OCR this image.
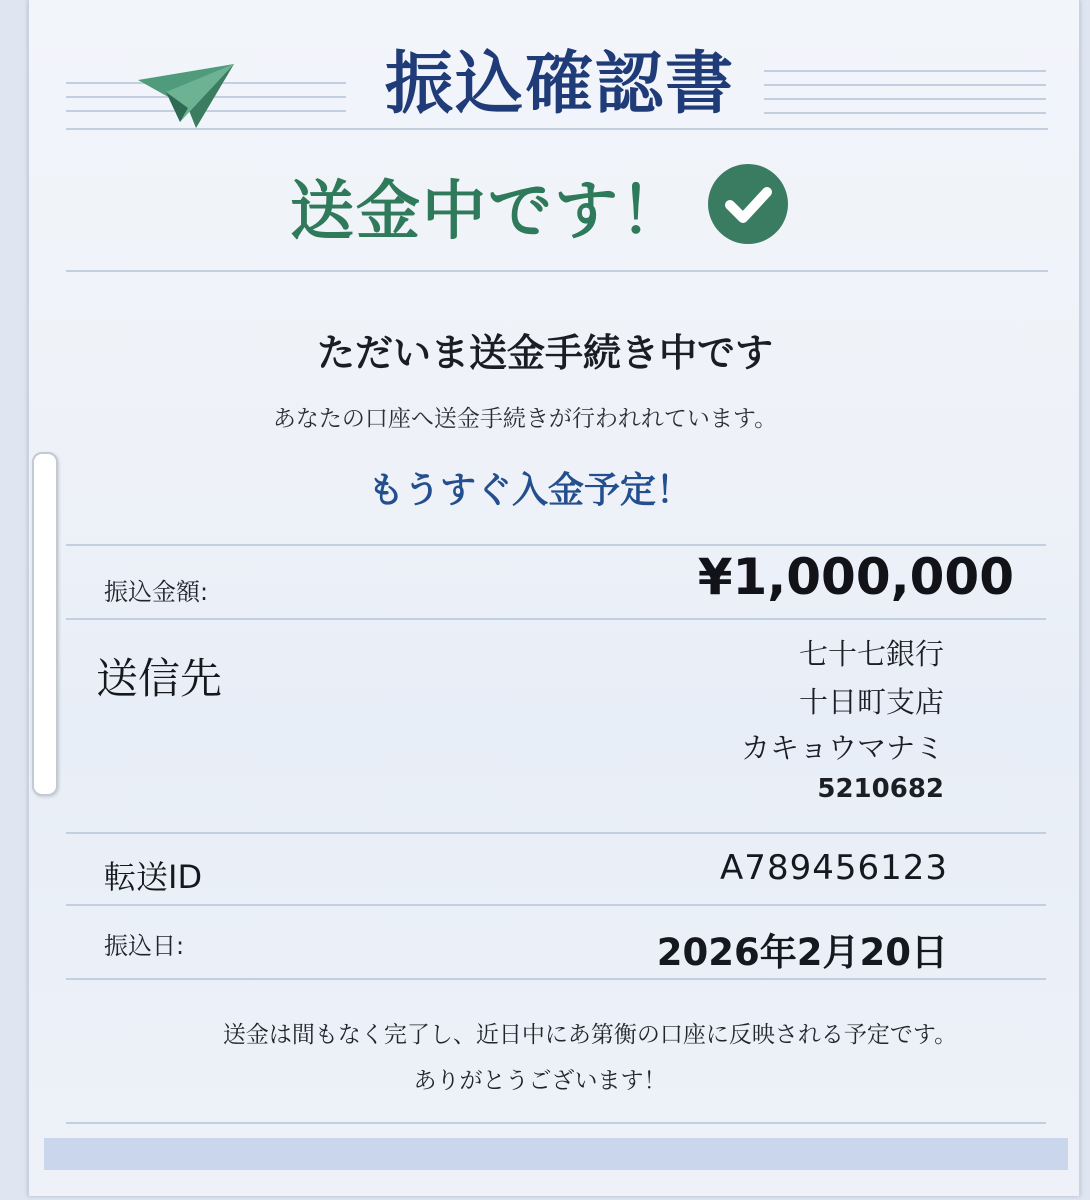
振込確認書
送金中です！
ただいま送金手続き中です
あなたの口座へ送金手続きが行われれています。
もうすぐ入金予定！
振込金額:	¥1,000,000
送信先	七十七銀行
十日町支店
カキョウマナミ
5210682
転送ID	A789456123
振込日:	2026年2月20日
送金は間もなく完了し、近日中にあ第衡の口座に反映される予定です。
ありがとうございます！
